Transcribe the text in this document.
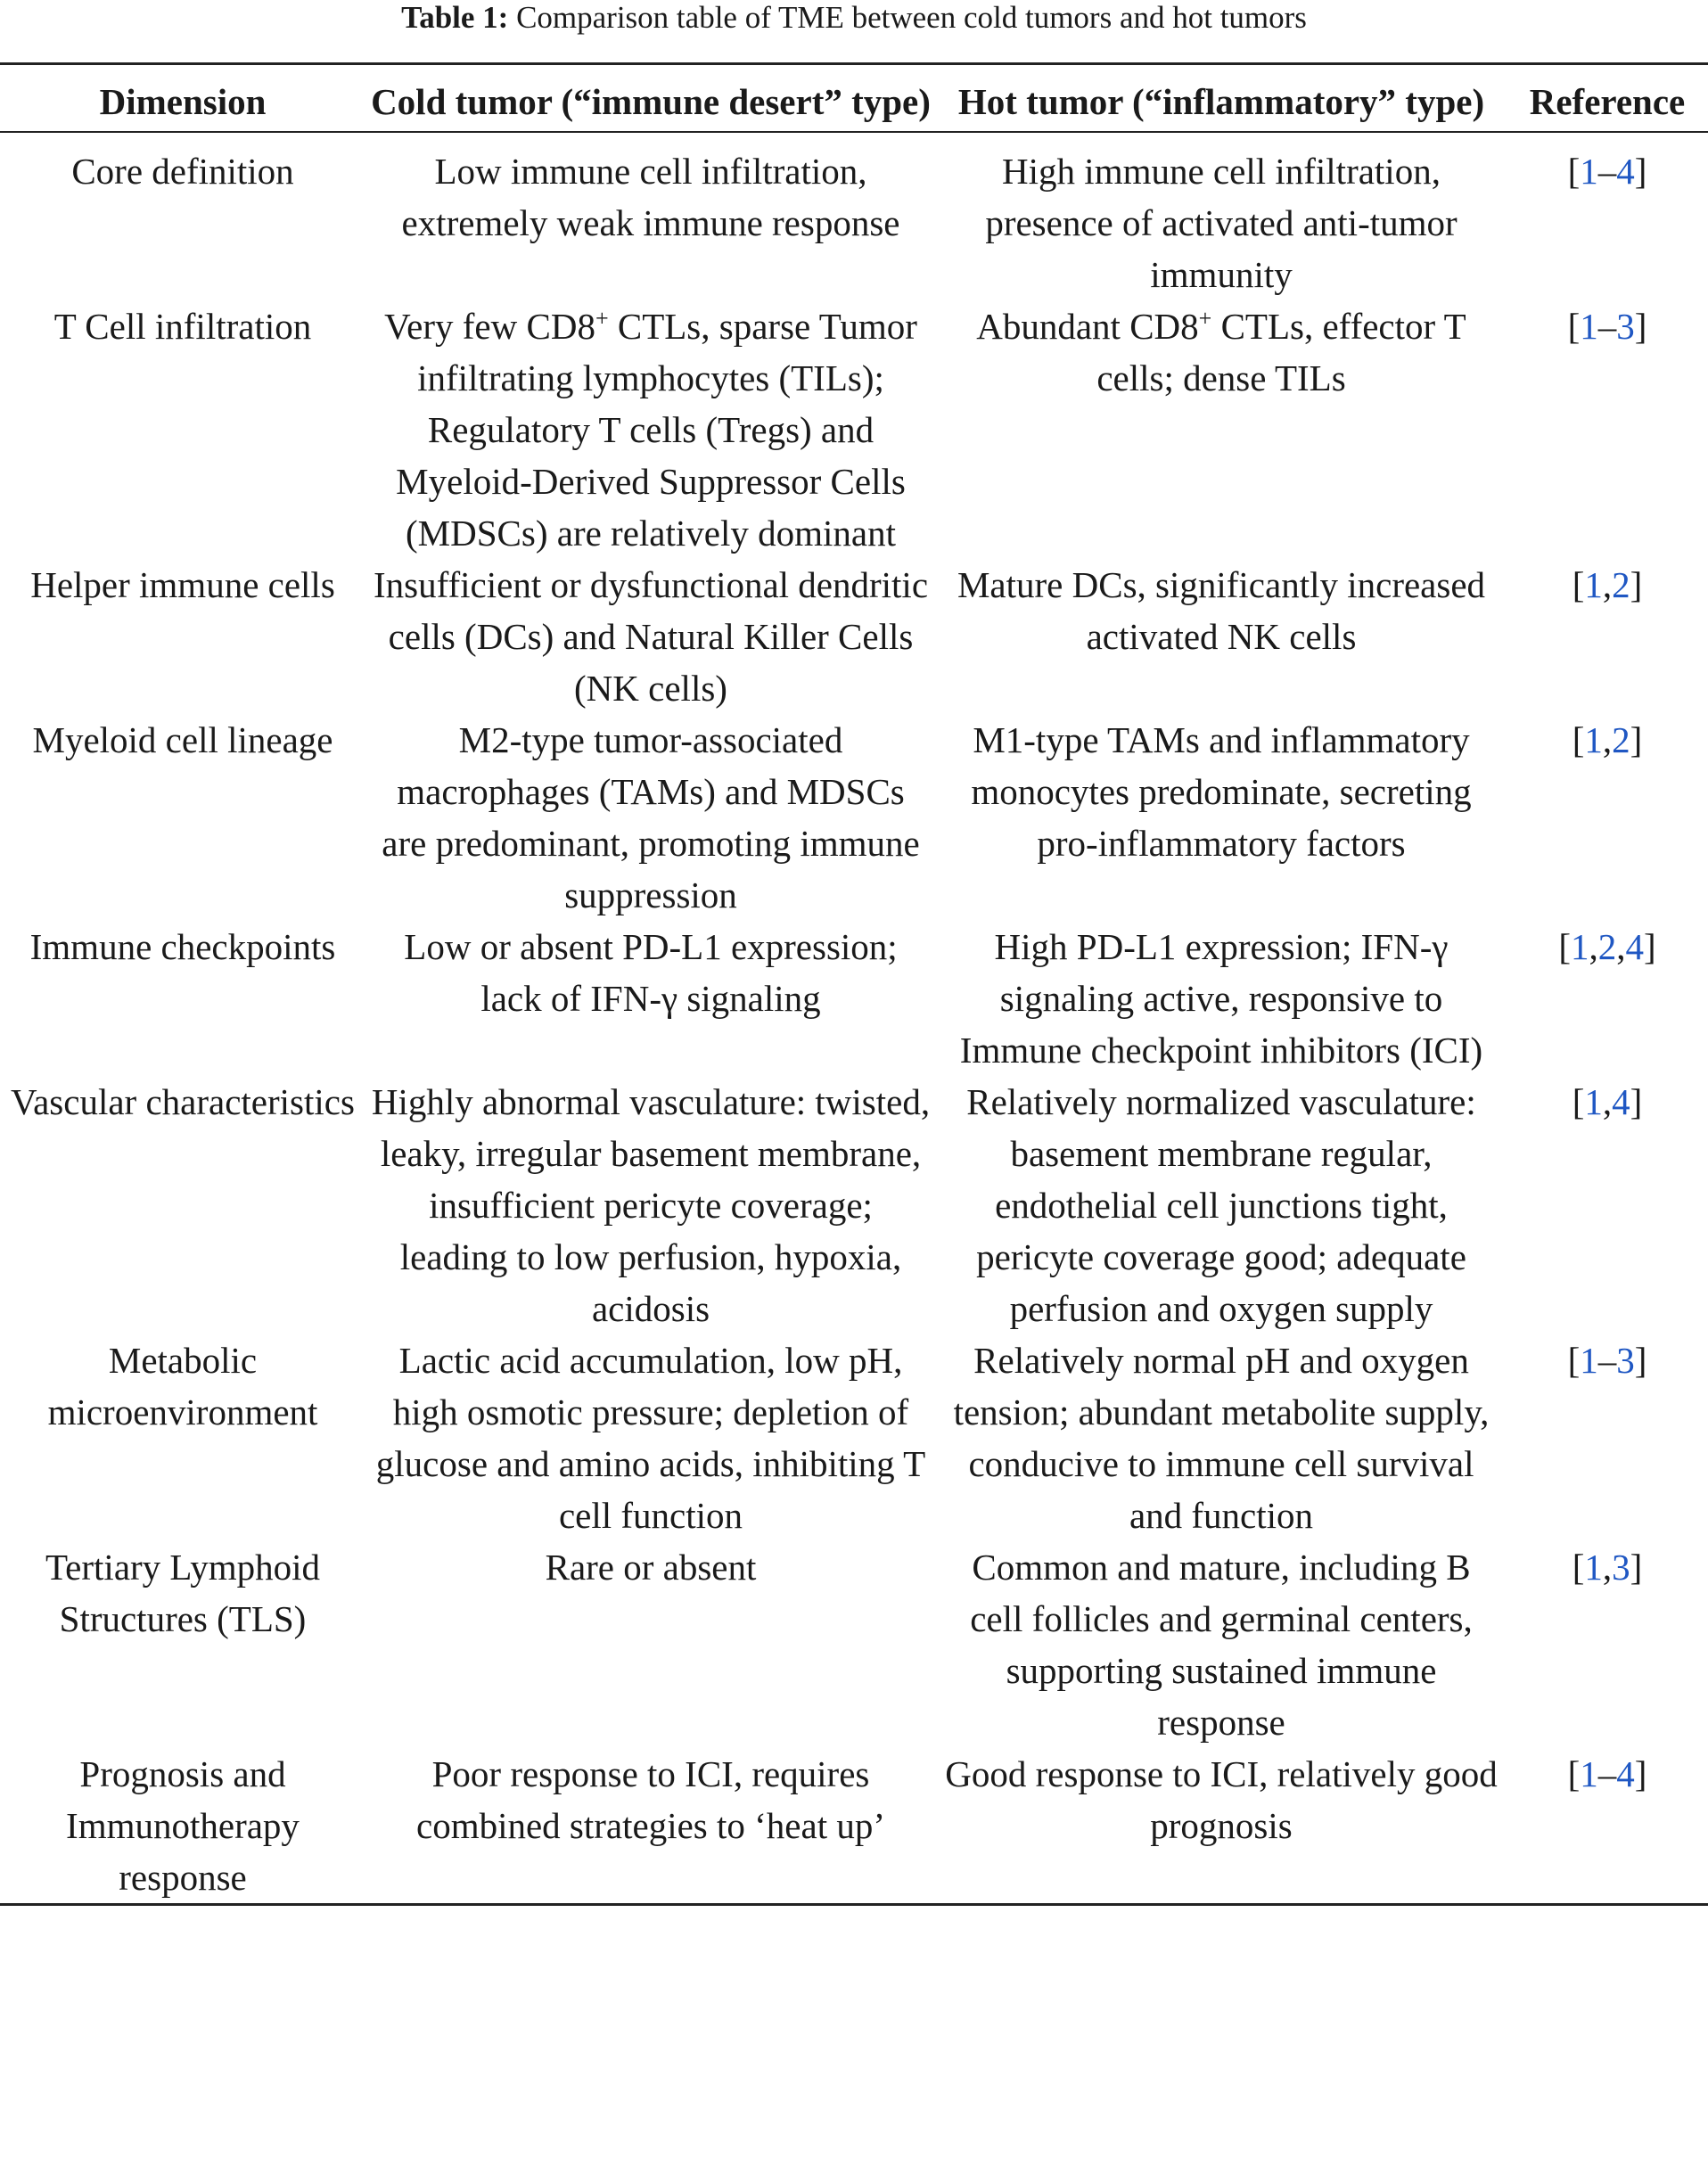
Table 1: Comparison table of TME between cold tumors and hot tumors
Dimension	Cold tumor (“immune desert” type)	Hot tumor (“inflammatory” type)	Reference
Core definition	Low immune cell infiltration, extremely weak immune response	High immune cell infiltration, presence of activated anti-tumor immunity	[1–4]
T Cell infiltration	Very few CD8+ CTLs, sparse Tumor infiltrating lymphocytes (TILs); Regulatory T cells (Tregs) and Myeloid-Derived Suppressor Cells (MDSCs) are relatively dominant	Abundant CD8+ CTLs, effector T cells; dense TILs	[1–3]
Helper immune cells	Insufficient or dysfunctional dendritic cells (DCs) and Natural Killer Cells (NK cells)	Mature DCs, significantly increased activated NK cells	[1,2]
Myeloid cell lineage	M2-type tumor-associated macrophages (TAMs) and MDSCs are predominant, promoting immune suppression	M1-type TAMs and inflammatory monocytes predominate, secreting pro-inflammatory factors	[1,2]
Immune checkpoints	Low or absent PD-L1 expression; lack of IFN-γ signaling	High PD-L1 expression; IFN-γ signaling active, responsive to Immune checkpoint inhibitors (ICI)	[1,2,4]
Vascular characteristics	Highly abnormal vasculature: twisted, leaky, irregular basement membrane, insufficient pericyte coverage; leading to low perfusion, hypoxia, acidosis	Relatively normalized vasculature: basement membrane regular, endothelial cell junctions tight, pericyte coverage good; adequate perfusion and oxygen supply	[1,4]
Metabolic microenvironment	Lactic acid accumulation, low pH, high osmotic pressure; depletion of glucose and amino acids, inhibiting T cell function	Relatively normal pH and oxygen tension; abundant metabolite supply, conducive to immune cell survival and function	[1–3]
Tertiary Lymphoid Structures (TLS)	Rare or absent	Common and mature, including B cell follicles and germinal centers, supporting sustained immune response	[1,3]
Prognosis and Immunotherapy response	Poor response to ICI, requires combined strategies to ‘heat up’	Good response to ICI, relatively good prognosis	[1–4]
